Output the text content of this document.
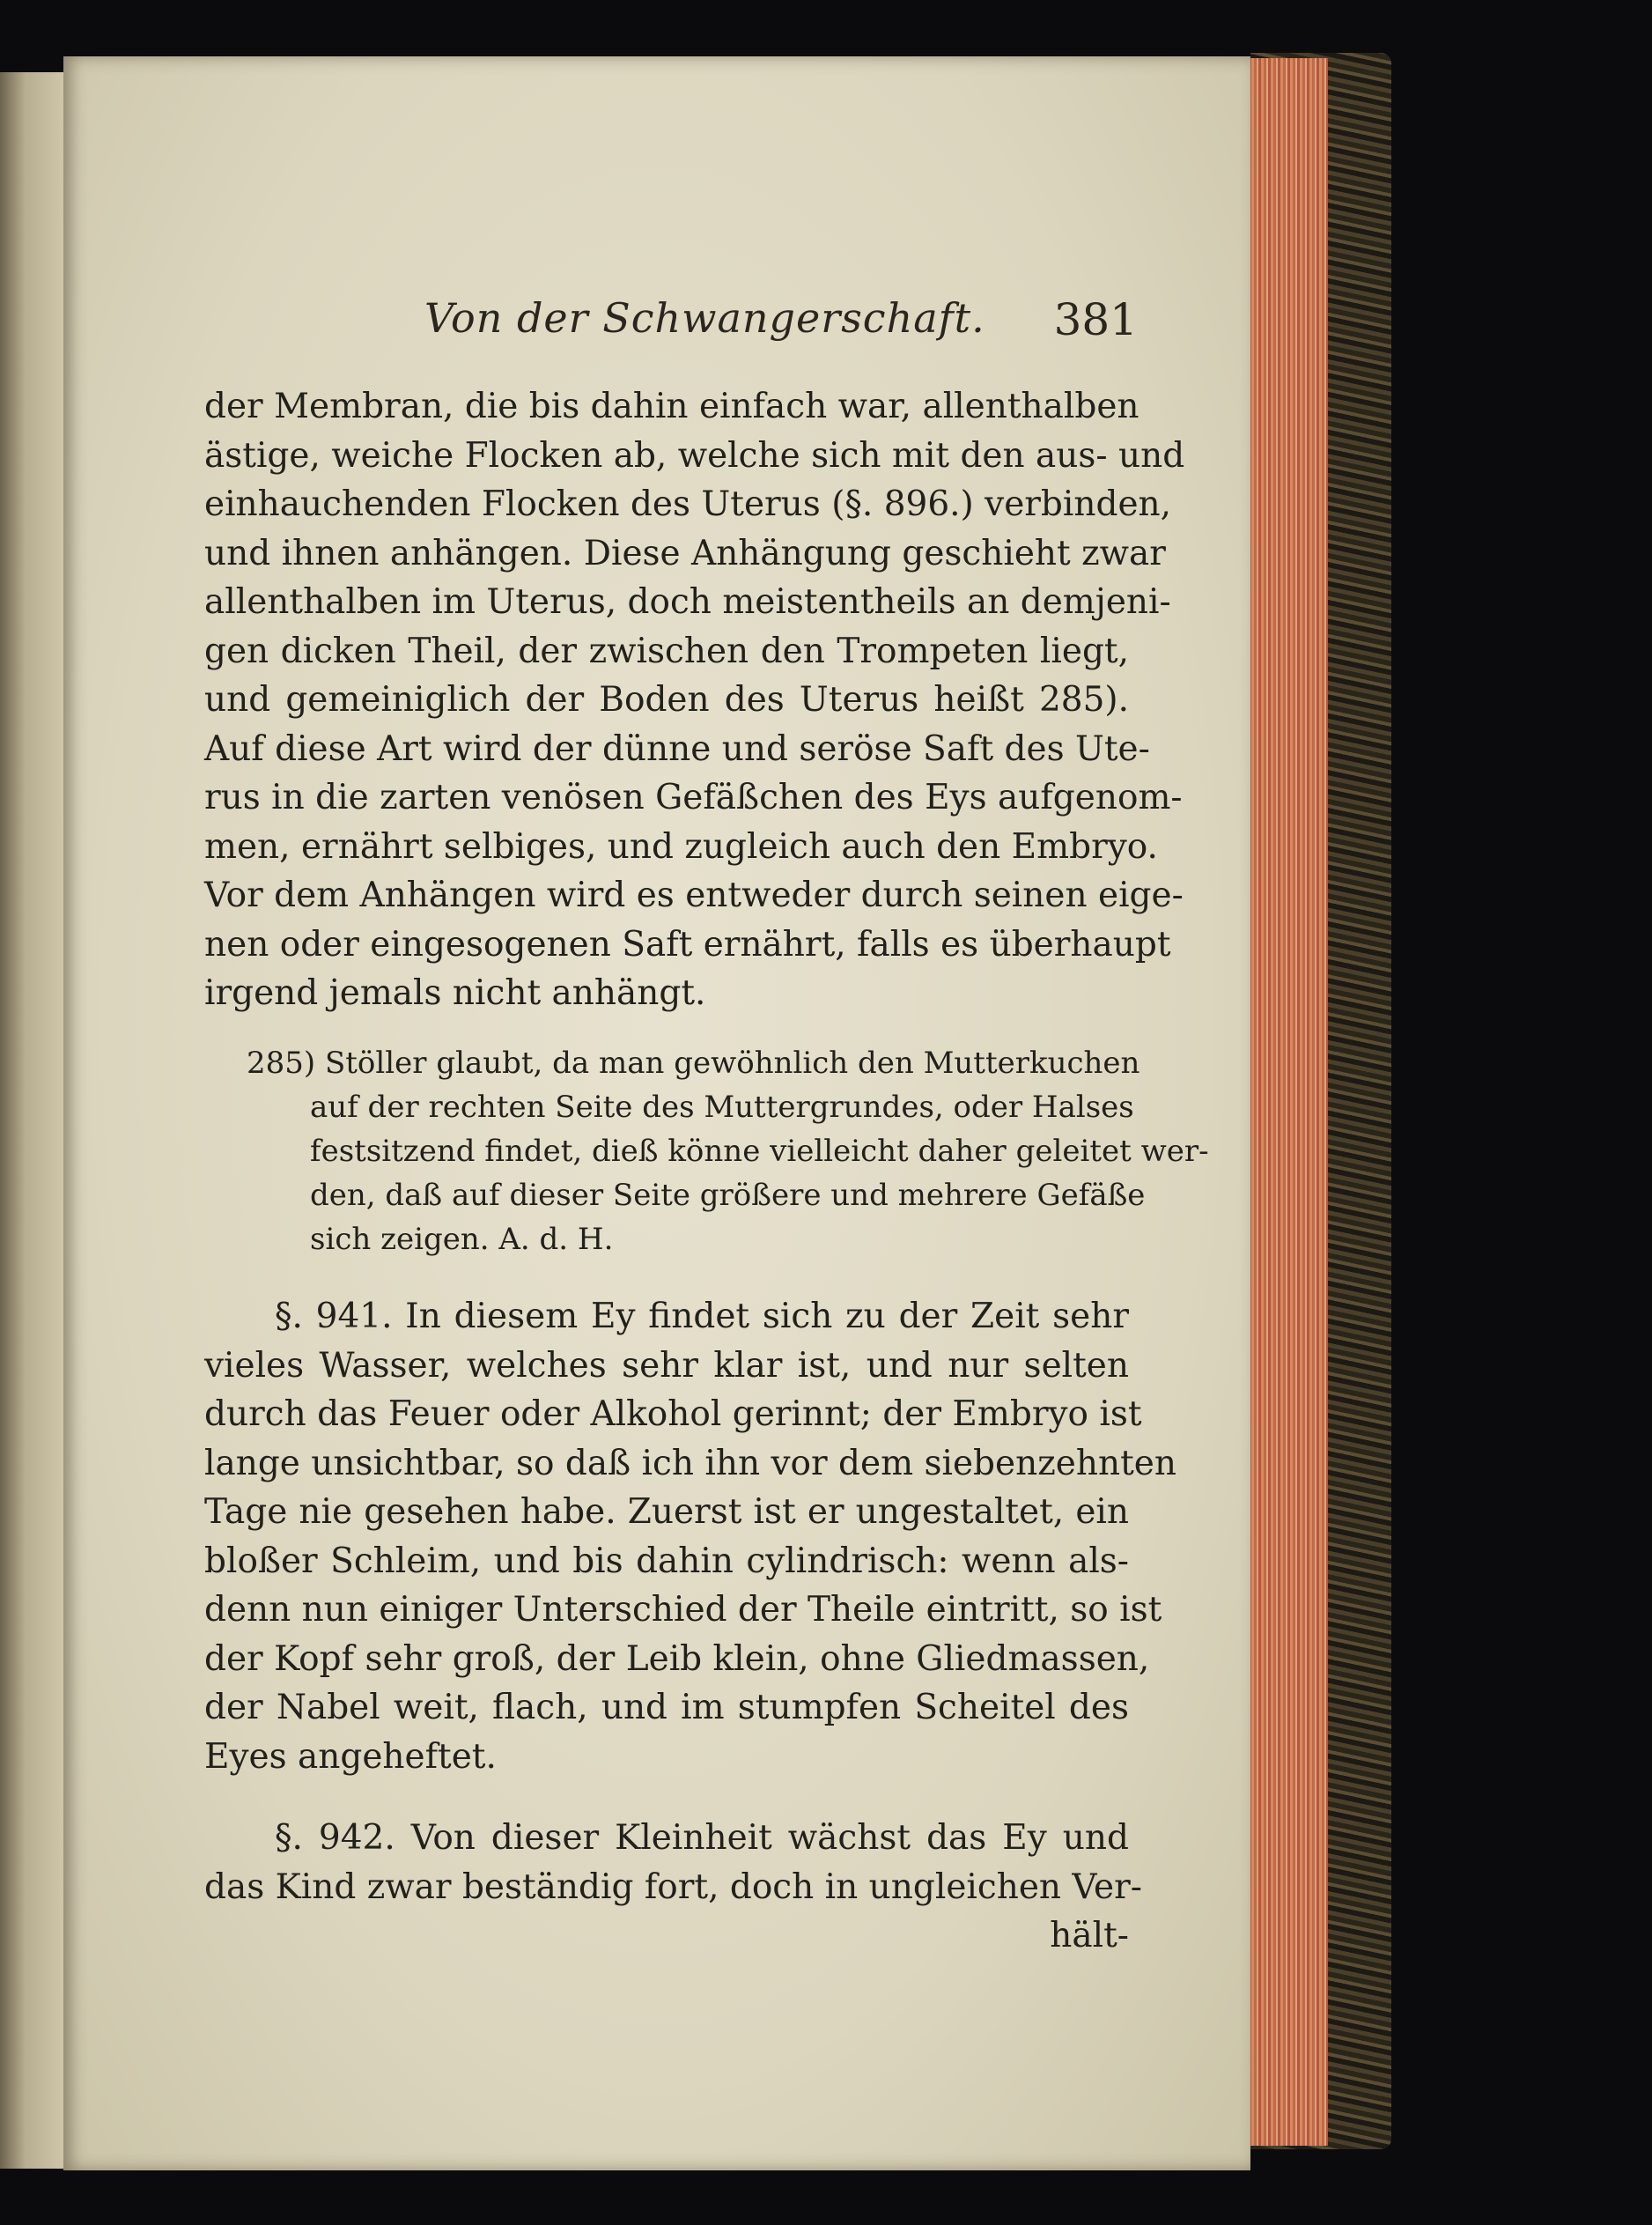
Von der Schwangerschaft. 381
der Membran, die bis dahin einfach war, allenthalben
ästige, weiche Flocken ab, welche sich mit den aus- und
einhauchenden Flocken des Uterus (§. 896.) verbinden,
und ihnen anhängen. Diese Anhängung geschieht zwar
allenthalben im Uterus, doch meistentheils an demjeni-
gen dicken Theil, der zwischen den Trompeten liegt,
und gemeiniglich der Boden des Uterus heißt 285).
Auf diese Art wird der dünne und seröse Saft des Ute-
rus in die zarten venösen Gefäßchen des Eys aufgenom-
men, ernährt selbiges, und zugleich auch den Embryo.
Vor dem Anhängen wird es entweder durch seinen eige-
nen oder eingesogenen Saft ernährt, falls es überhaupt
irgend jemals nicht anhängt.
285) Stöller glaubt, da man gewöhnlich den Mutterkuchen
auf der rechten Seite des Muttergrundes, oder Halses
festsitzend findet, dieß könne vielleicht daher geleitet wer-
den, daß auf dieser Seite größere und mehrere Gefäße
sich zeigen. A. d. H.
§. 941. In diesem Ey findet sich zu der Zeit sehr
vieles Wasser, welches sehr klar ist, und nur selten
durch das Feuer oder Alkohol gerinnt; der Embryo ist
lange unsichtbar, so daß ich ihn vor dem siebenzehnten
Tage nie gesehen habe. Zuerst ist er ungestaltet, ein
bloßer Schleim, und bis dahin cylindrisch: wenn als-
denn nun einiger Unterschied der Theile eintritt, so ist
der Kopf sehr groß, der Leib klein, ohne Gliedmassen,
der Nabel weit, flach, und im stumpfen Scheitel des
Eyes angeheftet.
§. 942. Von dieser Kleinheit wächst das Ey und
das Kind zwar beständig fort, doch in ungleichen Ver-
hält-
